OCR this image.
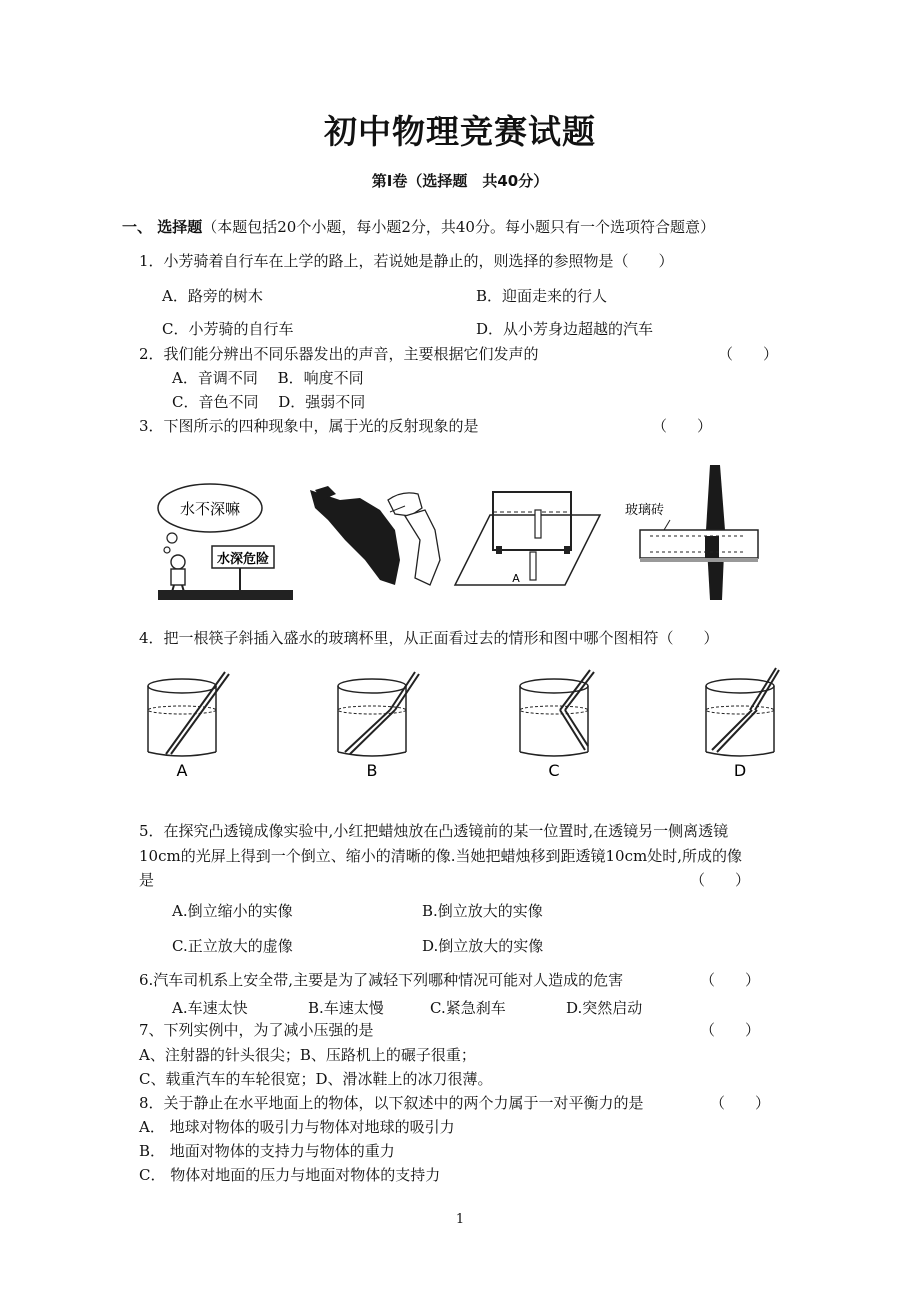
初中物理竞赛试题
第Ⅰ卷（选择题　共40分）
一、 选择题（本题包括20个小题，每小题2分，共40分。每小题只有一个选项符合题意）
1．小芳骑着自行车在上学的路上，若说她是静止的，则选择的参照物是（　　）
A．路旁的树木	B．迎面走来的行人
C．小芳骑的自行车	D．从小芳身边超越的汽车
2．我们能分辨出不同乐器发出的声音，主要根据它们发声的	（　　）
A．音调不同　 B．响度不同
C．音色不同　 D．强弱不同
3．下图所示的四种现象中，属于光的反射现象的是	（　　）
水不深嘛
水深危险
A
玻璃砖
4．把一根筷子斜插入盛水的玻璃杯里，从正面看过去的情形和图中哪个图相符（　　）
A	B	C	D
5．在探究凸透镜成像实验中,小红把蜡烛放在凸透镜前的某一位置时,在透镜另一侧离透镜
10cm的光屏上得到一个倒立、缩小的清晰的像.当她把蜡烛移到距透镜10cm处时,所成的像
是	（　　）
A.倒立缩小的实像	B.倒立放大的实像
C.正立放大的虚像	D.倒立放大的实像
6.汽车司机系上安全带,主要是为了减轻下列哪种情况可能对人造成的危害	（　　）
A.车速太快	B.车速太慢	C.紧急刹车	D.突然启动
7、下列实例中，为了减小压强的是	（　　）
A、注射器的针头很尖；B、压路机上的碾子很重；
C、载重汽车的车轮很宽；D、滑冰鞋上的冰刀很薄。
8．关于静止在水平地面上的物体，以下叙述中的两个力属于一对平衡力的是	（　　）
A． 地球对物体的吸引力与物体对地球的吸引力
B． 地面对物体的支持力与物体的重力
C． 物体对地面的压力与地面对物体的支持力
1
